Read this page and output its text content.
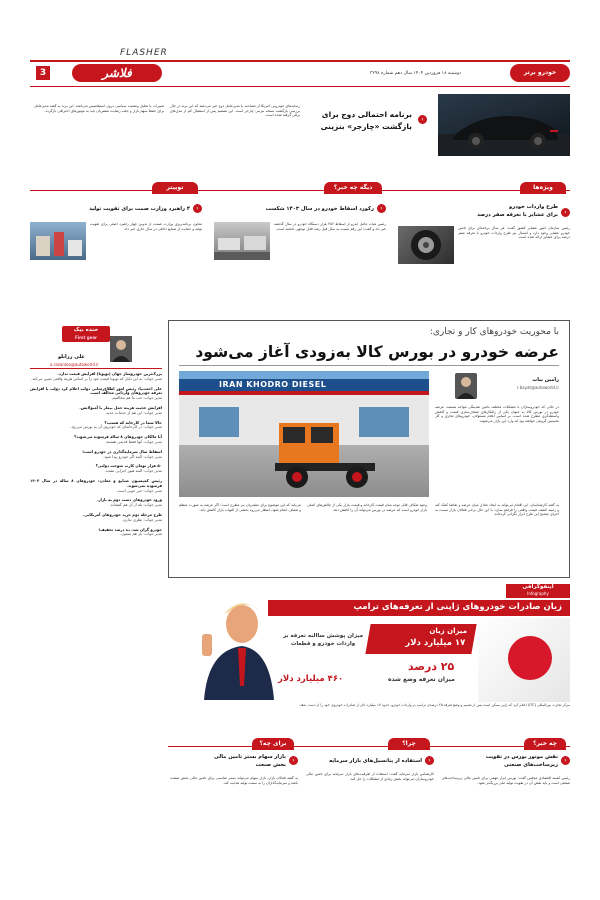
FLASHER
فلاشر
3	دوشنبه ۱۸ فروردین ۱۴۰۴ سال دهم شماره ۳۲۹۸	خودرو برتر
›
برنامه احتمالی دوج برای
بازگشت «چارجر» بنزینی
رسانه‌های خودرویی آمریکا از مصاحبه با مدیرعامل دوج خبر می‌دهند که این برند در حال بررسی بازگشت نسخه بنزینی چارجر است. این تصمیم پس از استقبال کم از مدل‌های برقی گرفته شده است.
تغییرات با تحلیل وضعیت سیاسی درون استیلانتیس می‌باشد. این برند به گفته مدیرعامل برای حفظ سهم بازار و جلب رضایت مشتریان باید به موتورهای احتراقی بازگردد.
ویژه‌ها
‹
طرح واردات خودرو
برای عشایر با تعرفه صفر درصد
رئیس سازمان امور عشایر کشور گفت: هر سال برنامه‌ای برای تامین خودرو عشایر وجود دارد و امسال نیز طرح واردات خودرو با تعرفه صفر درصد برای عشایر ارائه شده است.
دیگه چه خبر؟
‹
رکورد اسقاط خودرو در سال ۱۴۰۳ شکست
رئیس هیات عامل ایدرو از اسقاط ۲۵۶ هزار دستگاه خودرو در سال گذشته خبر داد و گفت: این رقم نسبت به سال قبل رشد قابل توجهی داشته است.
توییتر
‹
۴ راهبرد وزارت صمت برای تقویت تولید
معاون برنامه‌ریزی وزارت صمت از تدوین چهار راهبرد اصلی برای تقویت تولید و حمایت از صنایع داخلی در سال جاری خبر داد.
با محوریت خودروهای کار و تجاری:
عرضه خودرو در بورس کالا به‌زودی آغاز می‌شود
رامین بیات
r.bayat@autoworld.ir
IRAN KHODRO DIESEL
در حالی که خودروسازان با مشکلات مختلف تامین نقدینگی مواجه هستند، عرضه خودرو در بورس کالا به عنوان یکی از راهکارهای شفاف‌سازی قیمت و کاهش واسطه‌گری مطرح شده است. بر اساس اعلام مسئولان، خودروهای تجاری و کار نخستین گروهی خواهند بود که وارد این بازار می‌شوند.
به گفته کارشناسان، این اقدام می‌تواند به ایجاد تعادل میان عرضه و تقاضا کمک کند و زمینه کشف قیمت واقعی را فراهم سازد. با این حال برخی فعالان بازار نسبت به اجرای صحیح این طرح ابراز نگرانی کرده‌اند.
وجود شکاف قابل توجه میان قیمت کارخانه و قیمت بازار یکی از چالش‌های اصلی بازار خودرو است که عرضه در بورس می‌تواند آن را کاهش دهد.
می‌باید که این موضوع برای مشتریان نیز مطرح است؛ اگر عرضه به صورت منظم و شفاف انجام شود، انتظار می‌رود بخشی از التهاب بازار کاهش یابد.
اینفوگرافی
Infography
زیان صادرات خودروهای ژاپنی از تعرفه‌های ترامپ
میزان زیان
۱۷ میلیارد دلار
۲۵ درصد
میزان تعرفه وضع شده
میزان پوشش ساالنه تعرفه بر واردات خودرو و قطعات
۴۶۰ میلیارد دلار
مرکز تجارت بین‌المللی (ITC) اعلام کرد که ژاپن ممکن است پس از تعمیم و وضع تعرفه ۲۵ درصدی ترامپ بر واردات خودرو، حدود ۱۷ میلیارد دلار از صادرات خودروی خود را از دست بدهد.
خنده بیک
First gear
علی رزانلو
a.razanloo@autoworld.ir
بزرگ‌ترین خودروساز جهان (تویوتا) افزایش قیمت ندارد.
مدیر جواب: به این دلیل که تویوتا قیمت خود را بر اساس هزینه واقعی تعیین می‌کند.
علی احمدنیا: رئیس امور اطلاع‌رسانی دولت اعلام کرد دولت با افزایش تعرفه خودروهای وارداتی مخالف است.
مدیر جواب: خب ما هم مخالفیم.
افزایش عجیب هزینه حمل بیمار با آمبولانس.
مدیر جواب: این هم از خدمات جدید.
حالا شما در کارخانه که هستید؟
مدیر جواب: در کارخانه‌ای که خودروی آن به بورس می‌رود.
آیا مالکان خودروهای ۸ ساله فرسوده می‌شوند؟
مدیر جواب: آنها فقط قدیمی هستند.
اسقاط سال سرمایه‌گذاری در خودرو است!
مدیر جواب: البته اگر خودرو پیدا شود.
۵۰ هزار تومان کارت سوخت دولتی؟
مدیر جواب: البته هنوز اجرایی نشده.
رئیس کمیسیون صنایع و معادن: خودروهای ۸ ساله در سال ۱۴۰۴ فرسوده نمی‌شوند.
مدیر جواب: خبر خوبی است.
ورود خودروهای دست دوم به بازار.
مدیر جواب: بله از آن هم گفته‌اند.
طرح مرحله دوم خرید خودروهای آمریکایی.
مدیر جواب: نظری ندارم.
خودرو گران شد، ده درصد تخفیف!
مدیر جواب: باز هم ممنون.
چه خبر؟
‹
نقش موتور بورس در تقویت
زیرساخت‌های صنعتی
رئیس کمیته اقتصادی مجلس گفت: بورس ابزار مهمی برای تامین مالی زیرساخت‌های صنعتی است و باید نقش آن در تقویت تولید ملی پررنگ‌تر شود.
چرا؟
‹
استفاده از پتانسیل‌های بازار سرمایه
کارشناس بازار سرمایه گفت: استفاده از ظرفیت‌های بازار سرمایه برای تامین مالی خودروسازان می‌تواند بخش زیادی از مشکلات را حل کند.
برای چه؟
‹
بازار سهام بستر تامین مالی
بخش صنعت
به گفته فعالان بازار، بازار سهام می‌تواند بستر مناسبی برای تامین مالی بخش صنعت باشد و سرمایه‌گذاران را به سمت تولید هدایت کند.
